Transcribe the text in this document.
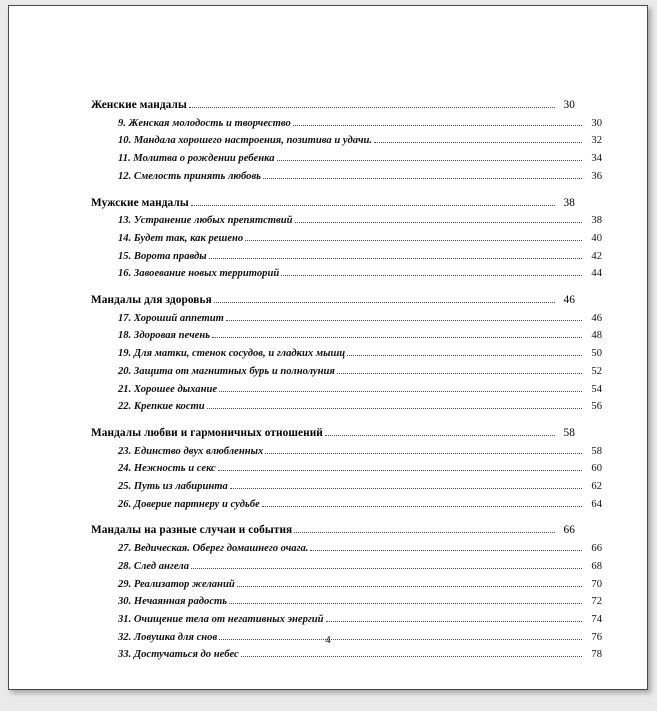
Женские мандалы	30
9. Женская молодость и творчество	30
10. Мандала хорошего настроения, позитива и удачи.	32
11. Молитва о рождении ребенка	34
12. Смелость принять любовь	36
Мужские мандалы	38
13. Устранение любых препятствий	38
14. Будет так, как решено	40
15. Ворота правды	42
16. Завоевание новых территорий	44
Мандалы для здоровья	46
17. Хороший аппетит	46
18. Здоровая печень	48
19. Для матки, стенок сосудов, и гладких мышц	50
20. Защита от магнитных бурь и полнолуния	52
21. Хорошее дыхание	54
22. Крепкие кости	56
Мандалы любви и гармоничных отношений	58
23. Единство двух влюбленных	58
24. Нежность и секс	60
25. Путь из лабиринта	62
26. Доверие партнеру и судьбе	64
Мандалы на разные случаи и события	66
27. Ведическая. Оберег домашнего очага.	66
28. След ангела	68
29. Реализатор желаний	70
30. Нечаянная радость	72
31. Очищение тела от негативных энергий	74
32. Ловушка для снов	76
33. Достучаться до небес	78
4
